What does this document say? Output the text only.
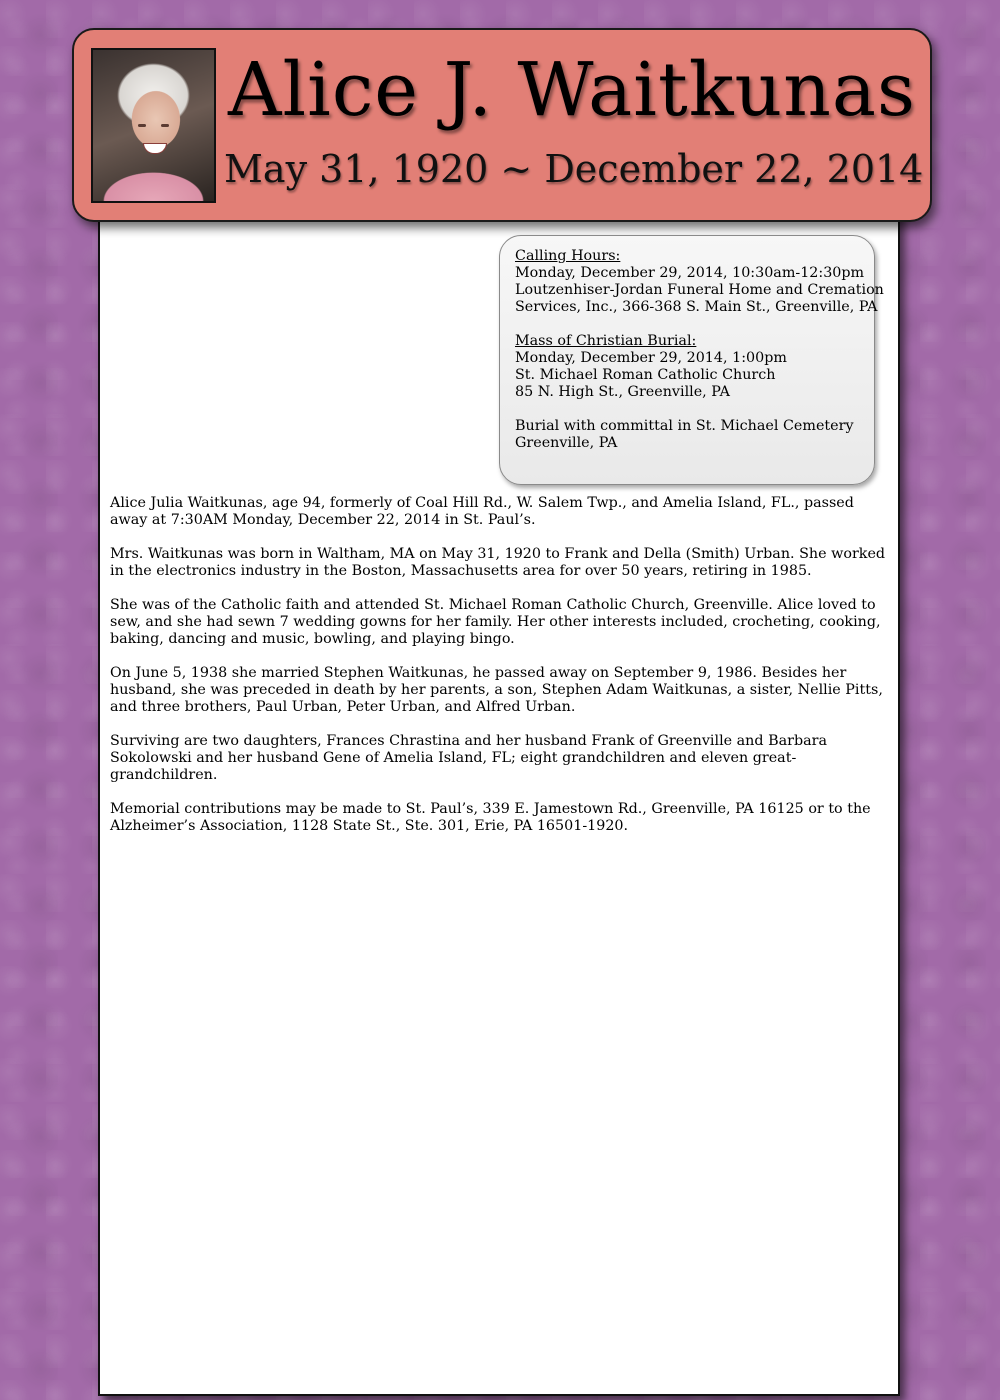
Alice J. Waitkunas
May 31, 1920 ~ December 22, 2014

Calling Hours:
Monday, December 29, 2014, 10:30am-12:30pm
Loutzenhiser-Jordan Funeral Home and Cremation
Services, Inc., 366-368 S. Main St., Greenville, PA

Mass of Christian Burial:
Monday, December 29, 2014, 1:00pm
St. Michael Roman Catholic Church
85 N. High St., Greenville, PA

Burial with committal in St. Michael Cemetery
Greenville, PA

Alice Julia Waitkunas, age 94, formerly of Coal Hill Rd., W. Salem Twp., and Amelia Island, FL., passed away at 7:30AM Monday, December 22, 2014 in St. Paul’s.

Mrs. Waitkunas was born in Waltham, MA on May 31, 1920 to Frank and Della (Smith) Urban. She worked in the electronics industry in the Boston, Massachusetts area for over 50 years, retiring in 1985.

She was of the Catholic faith and attended St. Michael Roman Catholic Church, Greenville. Alice loved to sew, and she had sewn 7 wedding gowns for her family. Her other interests included, crocheting, cooking, baking, dancing and music, bowling, and playing bingo.

On June 5, 1938 she married Stephen Waitkunas, he passed away on September 9, 1986. Besides her husband, she was preceded in death by her parents, a son, Stephen Adam Waitkunas, a sister, Nellie Pitts, and three brothers, Paul Urban, Peter Urban, and Alfred Urban.

Surviving are two daughters, Frances Chrastina and her husband Frank of Greenville and Barbara Sokolowski and her husband Gene of Amelia Island, FL; eight grandchildren and eleven great-grandchildren.

Memorial contributions may be made to St. Paul’s, 339 E. Jamestown Rd., Greenville, PA 16125 or to the Alzheimer’s Association, 1128 State St., Ste. 301, Erie, PA 16501-1920.
